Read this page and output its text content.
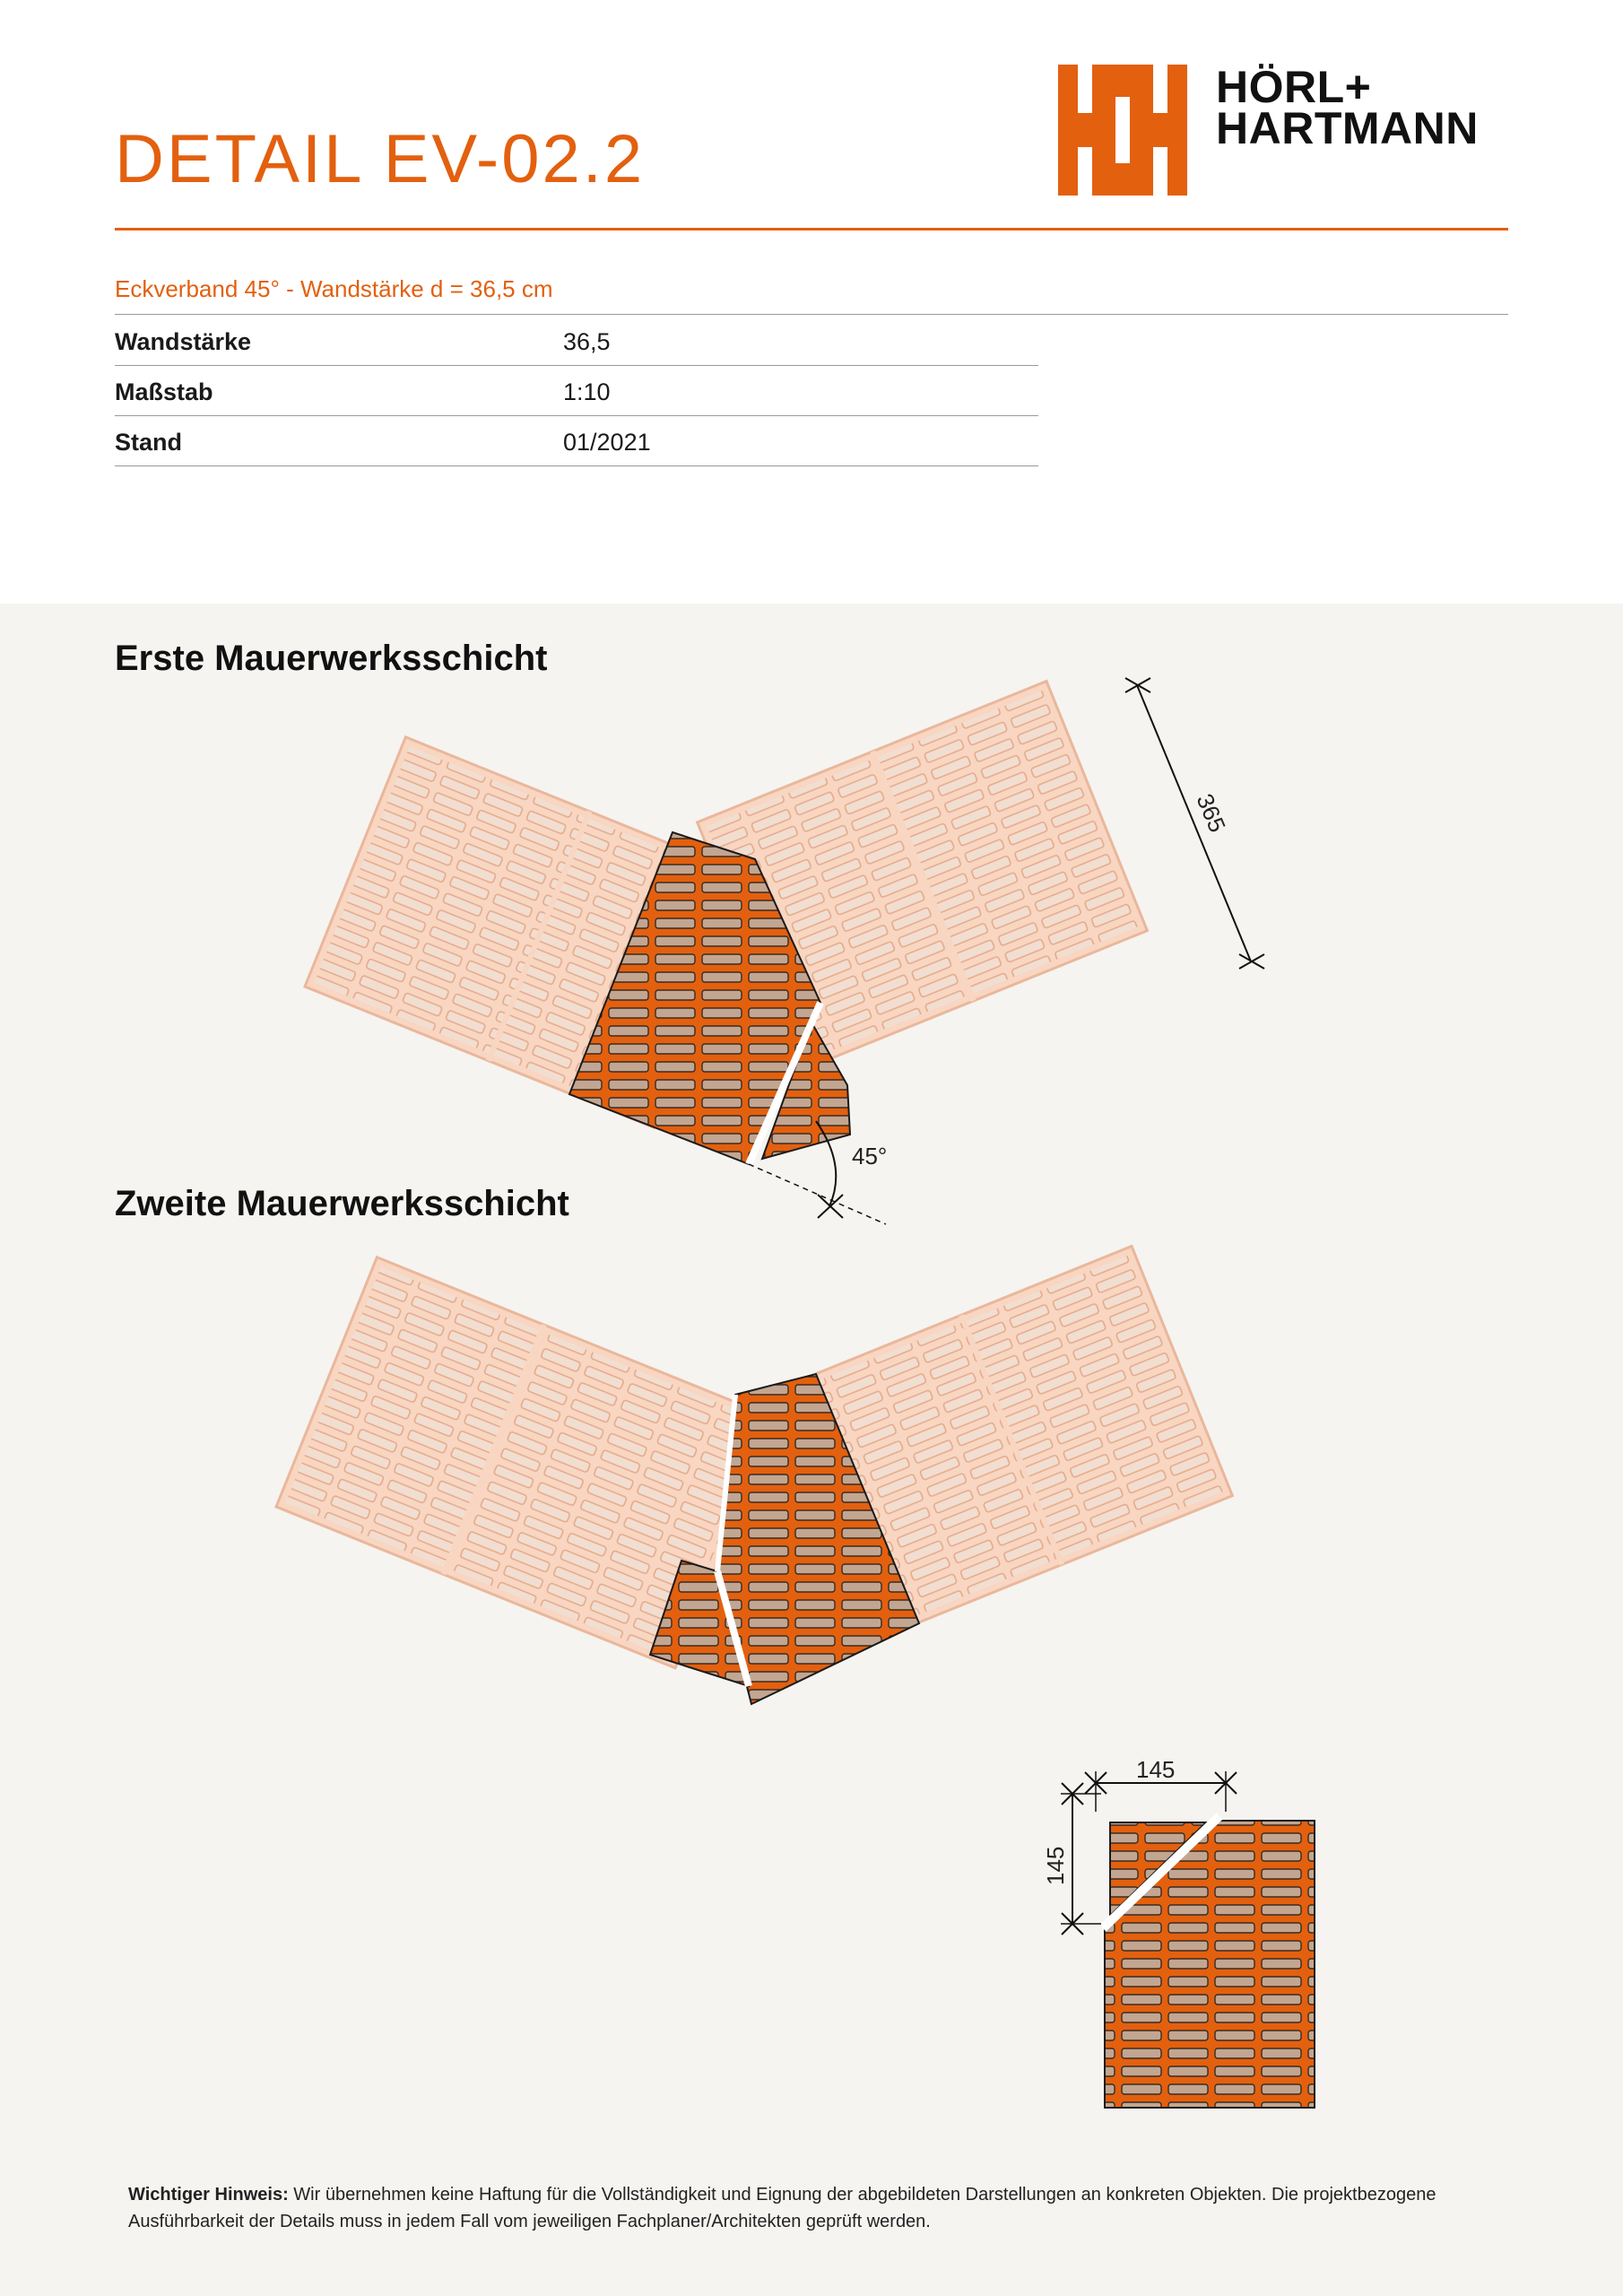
DETAIL EV-02.2
HÖRL+
HARTMANN
Eckverband 45° - Wandstärke d = 36,5 cm
Wandstärke	36,5
Maßstab	1:10
Stand	01/2021
Erste Mauerwerksschicht
Zweite Mauerwerksschicht
365
45°
145
145
Wichtiger Hinweis: Wir übernehmen keine Haftung für die Vollständigkeit und Eignung der abgebildeten Darstellungen an konkreten Objekten. Die projektbezogene Ausführbarkeit der Details muss in jedem Fall vom jeweiligen Fachplaner/Architekten geprüft werden.
